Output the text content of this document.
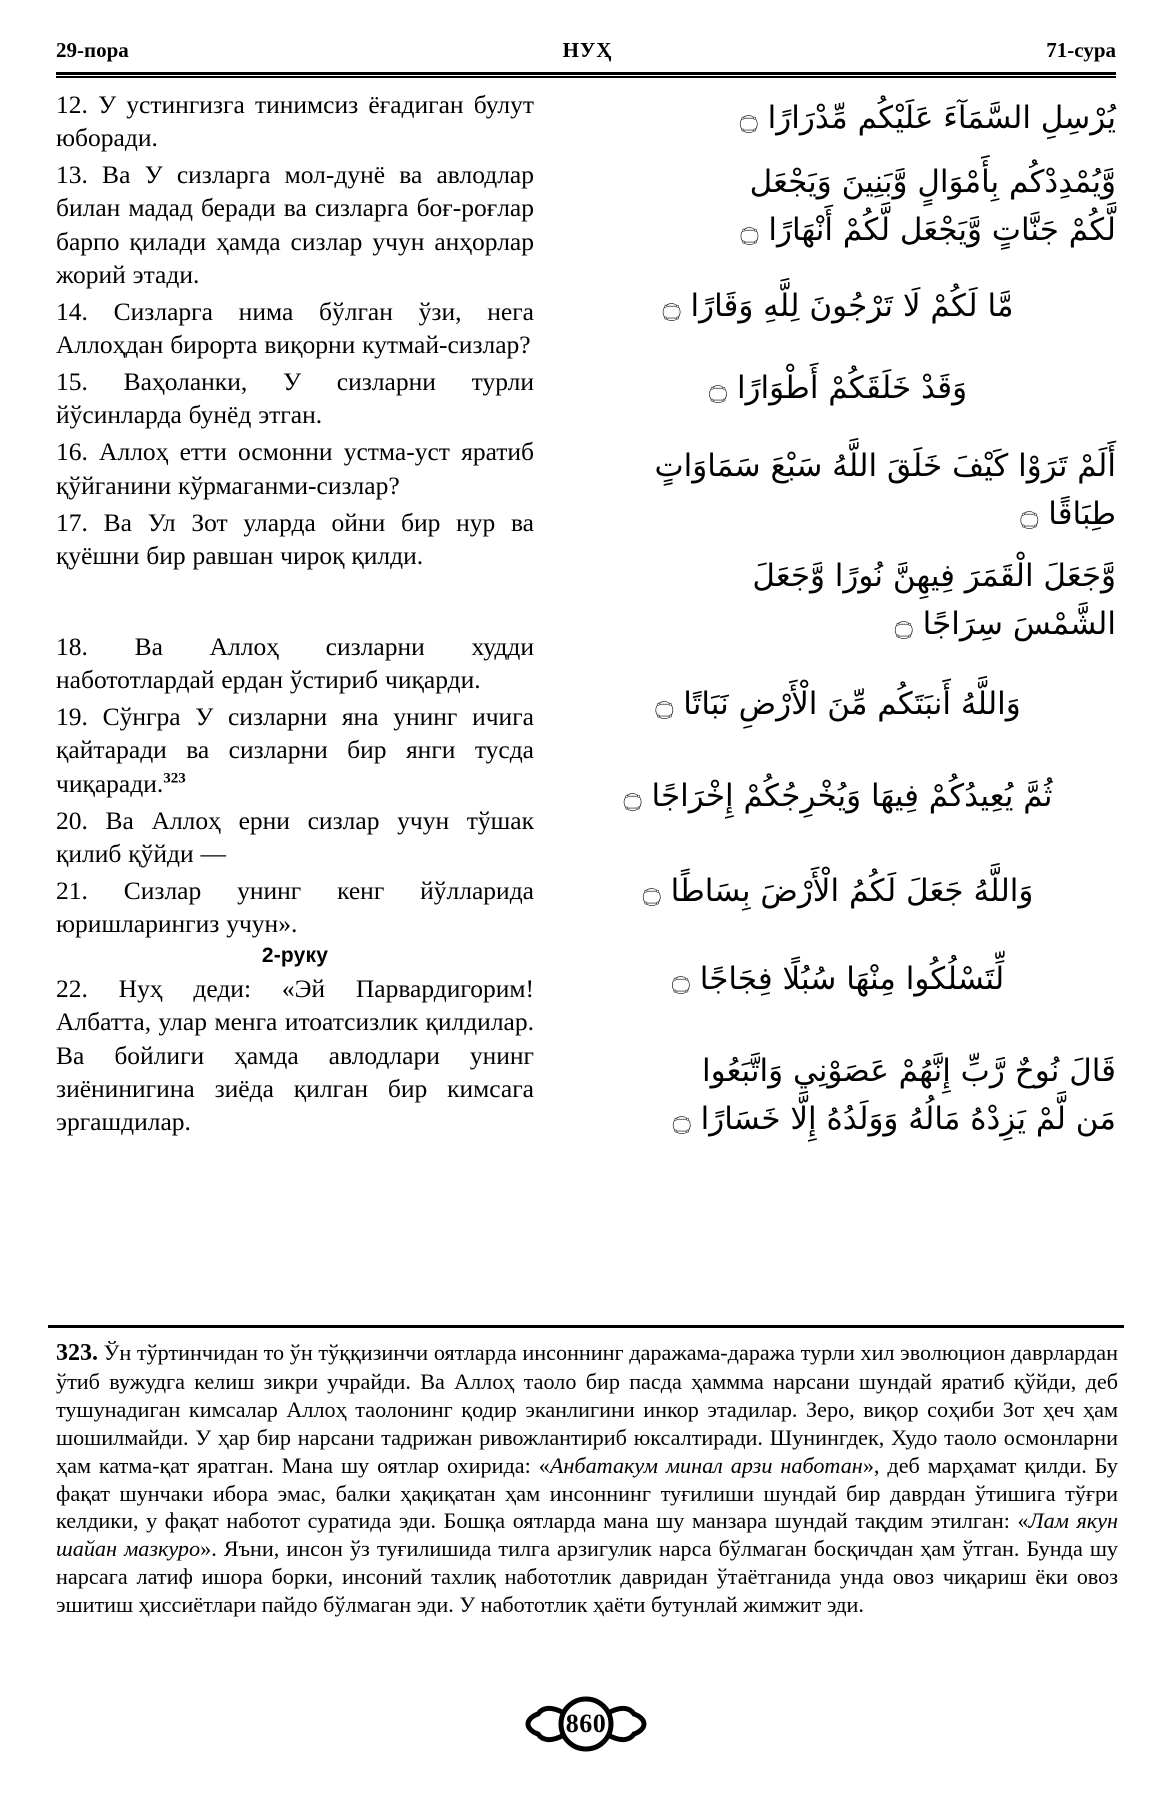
29-пора	НУҲ	71-сура

12. У устингизга тинимсиз ёғадиган булут юборади.

13. Ва У сизларга мол-дунё ва авлодлар билан мадад беради ва сизларга боғ-роғлар барпо қилади ҳамда сизлар учун анҳорлар жорий этади.

14. Сизларга нима бўлган ўзи, нега Аллоҳдан бирорта виқорни кутмай-сизлар?

15. Ваҳоланки, У сизларни турли йўсинларда бунёд этган.

16. Аллоҳ етти осмонни устма-уст яратиб қўйганини кўрмаганми-сизлар?

17. Ва Ул Зот уларда ойни бир нур ва қуёшни бир равшан чироқ қилди.

18. Ва Аллоҳ сизларни худди набототлардай ердан ўстириб чиқарди.

19. Сўнгра У сизларни яна унинг ичига қайтаради ва сизларни бир янги тусда чиқаради.$^{323}$

20. Ва Аллоҳ ерни сизлар учун тўшак қилиб қўйди —

21. Сизлар унинг кенг йўлларида юришларингиз учун».

2-руку

22. Нуҳ деди: «Эй Парвардигорим! Албатта, улар менга итоатсизлик қилдилар. Ва бойлиги ҳамда авлодлари унинг зиёнинигина зиёда қилган бир кимсага эргашдилар.

يُرْسِلِ السَّمَآءَ عَلَيْكُم مِّدْرَارًا ۝

وَّيُمْدِدْكُم بِأَمْوَالٍ وَّبَنِينَ وَيَجْعَل

لَّكُمْ جَنَّاتٍ وَّيَجْعَل لَّكُمْ أَنْهَارًا ۝

مَّا لَكُمْ لَا تَرْجُونَ لِلَّهِ وَقَارًا ۝

وَقَدْ خَلَقَكُمْ أَطْوَارًا ۝

أَلَمْ تَرَوْا كَيْفَ خَلَقَ اللَّهُ سَبْعَ سَمَاوَاتٍ

طِبَاقًا ۝

وَّجَعَلَ الْقَمَرَ فِيهِنَّ نُورًا وَّجَعَلَ

الشَّمْسَ سِرَاجًا ۝

وَاللَّهُ أَنبَتَكُم مِّنَ الْأَرْضِ نَبَاتًا ۝

ثُمَّ يُعِيدُكُمْ فِيهَا وَيُخْرِجُكُمْ إِخْرَاجًا ۝

وَاللَّهُ جَعَلَ لَكُمُ الْأَرْضَ بِسَاطًا ۝

لِّتَسْلُكُوا مِنْهَا سُبُلًا فِجَاجًا ۝

قَالَ نُوحٌ رَّبِّ إِنَّهُمْ عَصَوْنِي وَاتَّبَعُوا

مَن لَّمْ يَزِدْهُ مَالُهُ وَوَلَدُهُ إِلَّا خَسَارًا ۝

323. Ўн тўртинчидан то ўн тўққизинчи оятларда инсоннинг даражама-даража турли хил эволюцион даврлардан ўтиб вужудга келиш зикри учрайди. Ва Аллоҳ таоло бир пасда ҳаммма нарсани шундай яратиб қўйди, деб тушунадиган кимсалар Аллоҳ таолонинг қодир эканлигини инкор этадилар. Зеро, виқор соҳиби Зот ҳеч ҳам шошилмайди. У ҳар бир нарсани тадрижан ривожлантириб юксалтиради. Шунингдек, Худо таоло осмонларни ҳам катма-қат яратган. Мана шу оятлар охирида: «Анбатакум минал арзи наботан», деб марҳамат қилди. Бу фақат шунчаки ибора эмас, балки ҳақиқатан ҳам инсоннинг туғилиши шундай бир даврдан ўтишига тўғри келдики, у фақат наботот суратида эди. Бошқа оятларда мана шу манзара шундай тақдим этилган: «Лам якун шайан мазкуро». Яъни, инсон ўз туғилишида тилга арзигулик нарса бўлмаган босқичдан ҳам ўтган. Бунда шу нарсага латиф ишора борки, инсоний тахлиқ набототлик давридан ўтаётганида унда овоз чиқариш ёки овоз эшитиш ҳиссиётлари пайдо бўлмаган эди. У набототлик ҳаёти бутунлай жимжит эди.
860
